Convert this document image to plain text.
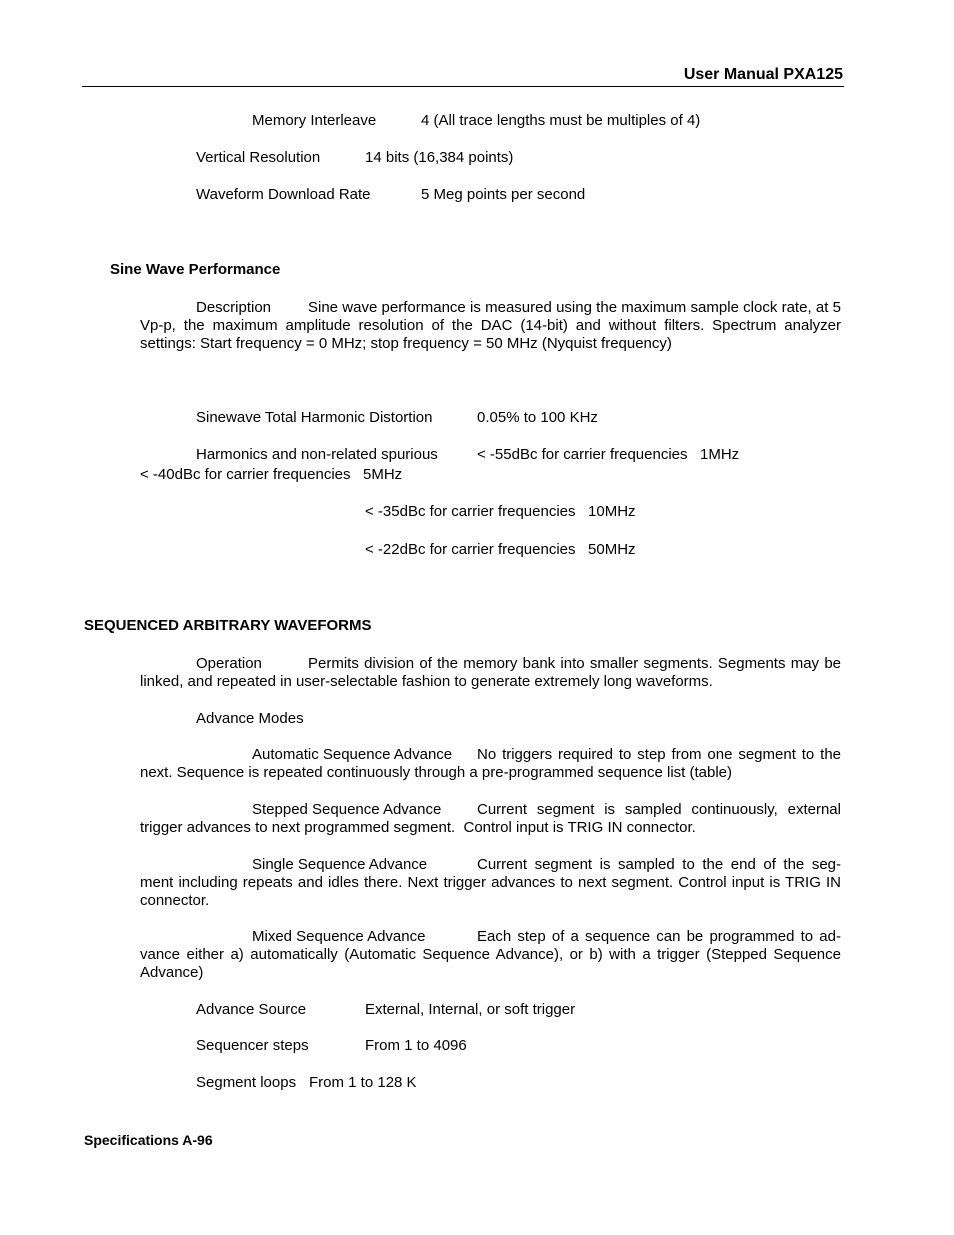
User Manual PXA125
Memory Interleave	4 (All trace lengths must be multiples of 4)
Vertical Resolution	14 bits (16,384 points)
Waveform Download Rate	5 Meg points per second
Sine Wave Performance
Description Sine wave performance is measured using the maximum sample clock rate, at 5 Vp-p, the maximum amplitude resolution of the DAC (14-bit) and without filters. Spectrum analyzer settings: Start frequency = 0 MHz; stop frequency = 50 MHz (Nyquist frequency)
Sinewave Total Harmonic Distortion	0.05% to 100 KHz
Harmonics and non-related spurious	< -55dBc for carrier frequencies   1MHz
< -40dBc for carrier frequencies   5MHz
< -35dBc for carrier frequencies   10MHz
< -22dBc for carrier frequencies   50MHz
SEQUENCED ARBITRARY WAVEFORMS
Operation	Permits division of the memory bank into smaller segments. Segments may be linked, and repeated in user-selectable fashion to generate extremely long waveforms.
Advance Modes
Automatic Sequence Advance No triggers required to step from one segment to the next. Sequence is repeated continuously through a pre-programmed sequence list (table)
Stepped Sequence Advance Current segment is sampled continuously, external trigger advances to next programmed segment.  Control input is TRIG IN connector.
Single Sequence Advance	Current segment is sampled to the end of the seg- ment including repeats and idles there. Next trigger advances to next segment. Control input is TRIG IN connector.
Mixed Sequence Advance	Each step of a sequence can be programmed to ad- vance either a) automatically (Automatic Sequence Advance), or b) with a trigger (Stepped Sequence Advance)
Advance Source	External, Internal, or soft trigger
Sequencer steps	From 1 to 4096
Segment loops From 1 to 128 K
Specifications A-96
